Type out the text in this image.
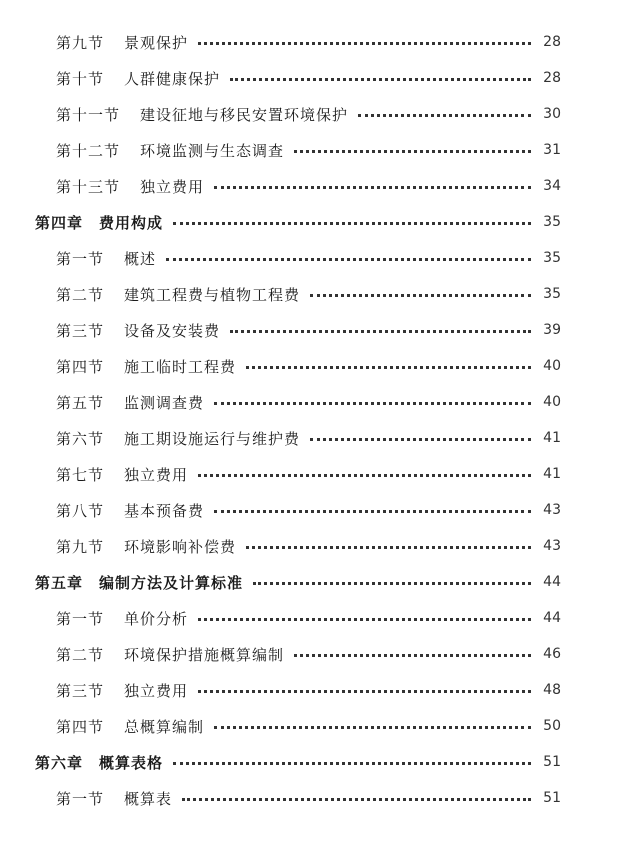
第九节 景观保护	28
第十节 人群健康保护	28
第十一节 建设征地与移民安置环境保护	30
第十二节 环境监测与生态调查	31
第十三节 独立费用	34
第四章 费用构成	35
第一节 概述	35
第二节 建筑工程费与植物工程费	35
第三节 设备及安装费	39
第四节 施工临时工程费	40
第五节 监测调查费	40
第六节 施工期设施运行与维护费	41
第七节 独立费用	41
第八节 基本预备费	43
第九节 环境影响补偿费	43
第五章 编制方法及计算标准	44
第一节 单价分析	44
第二节 环境保护措施概算编制	46
第三节 独立费用	48
第四节 总概算编制	50
第六章 概算表格	51
第一节 概算表	51
